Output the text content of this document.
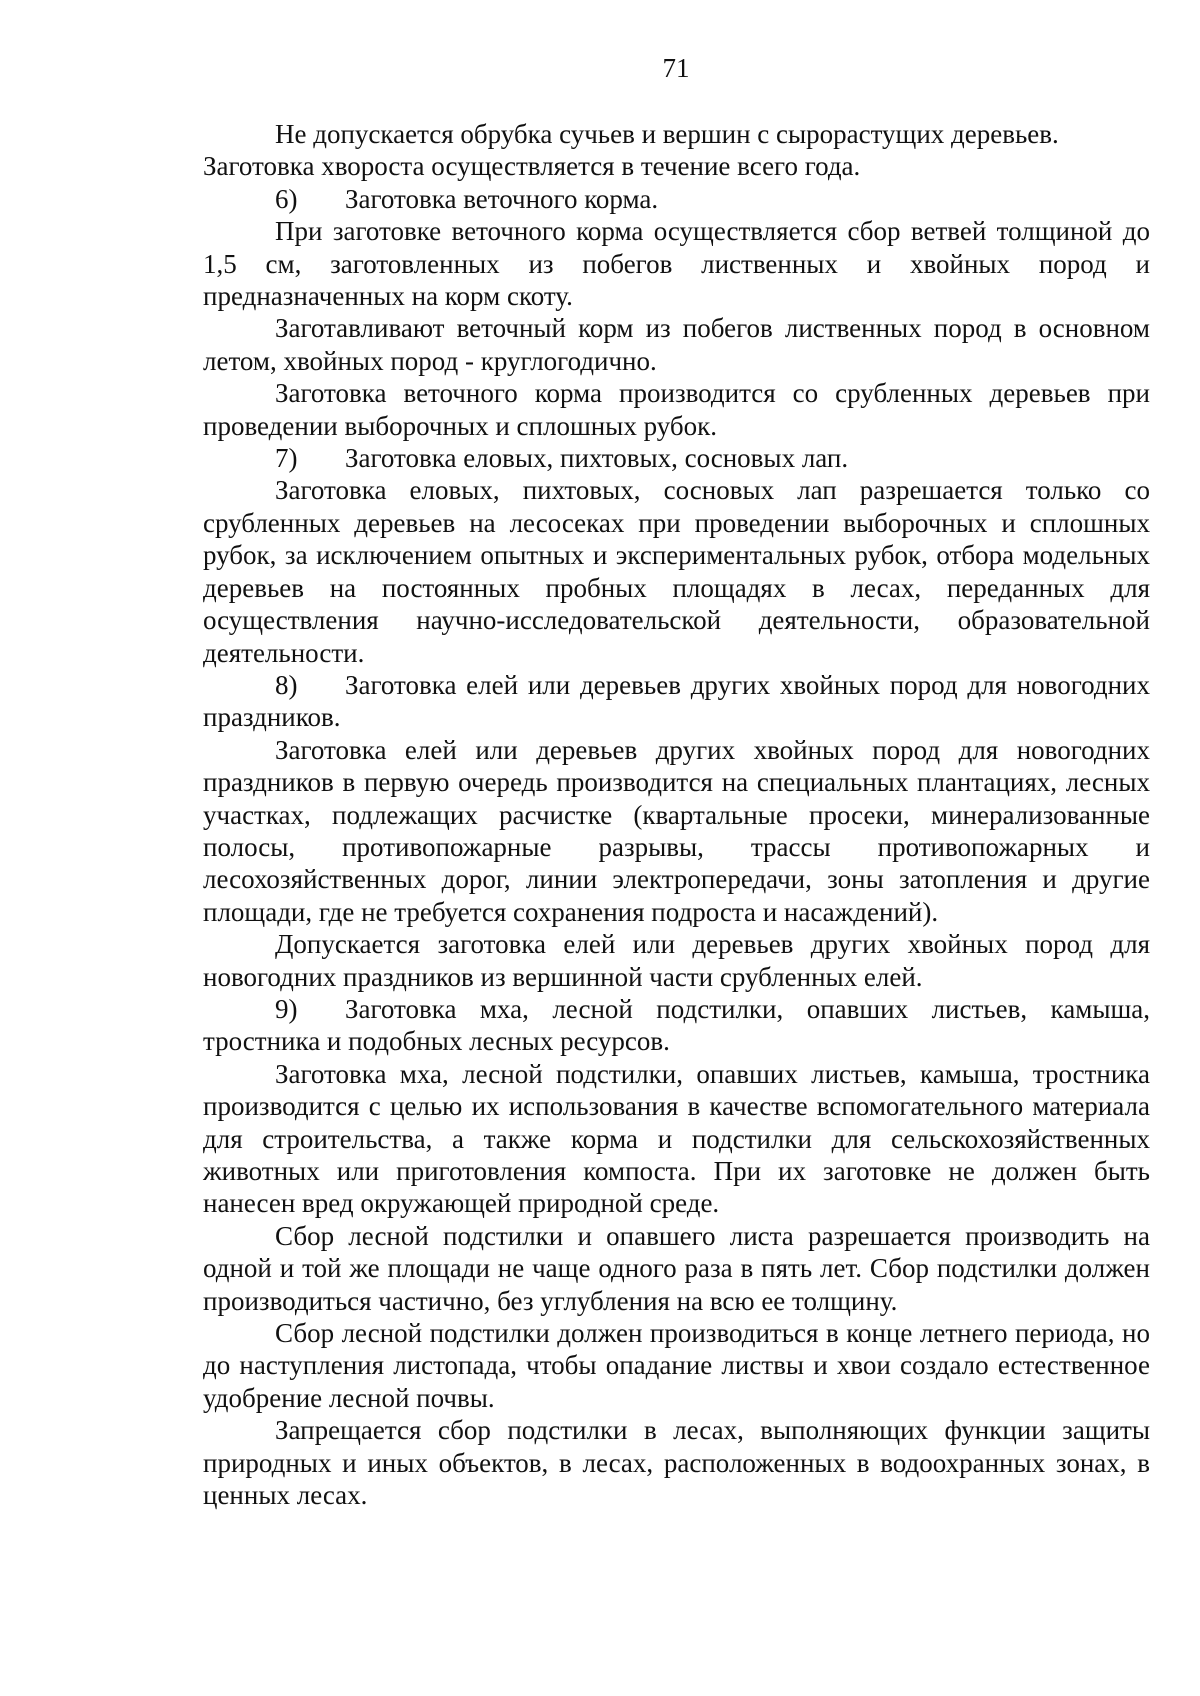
71

Не допускается обрубка сучьев и вершин с сырорастущих деревьев.

Заготовка хвороста осуществляется в течение всего года.

6) Заготовка веточного корма.

При заготовке веточного корма осуществляется сбор ветвей толщиной до 1,5 см, заготовленных из побегов лиственных и хвойных пород и предназначенных на корм скоту.

Заготавливают веточный корм из побегов лиственных пород в основном летом, хвойных пород - круглогодично.

Заготовка веточного корма производится со срубленных деревьев при проведении выборочных и сплошных рубок.

7) Заготовка еловых, пихтовых, сосновых лап.

Заготовка еловых, пихтовых, сосновых лап разрешается только со срубленных деревьев на лесосеках при проведении выборочных и сплошных рубок, за исключением опытных и экспериментальных рубок, отбора модельных деревьев на постоянных пробных площадях в лесах, переданных для осуществления научно-исследовательской деятельности, образовательной деятельности.

8) Заготовка елей или деревьев других хвойных пород для новогодних праздников.

Заготовка елей или деревьев других хвойных пород для новогодних праздников в первую очередь производится на специальных плантациях, лесных участках, подлежащих расчистке (квартальные просеки, минерализованные полосы, противопожарные разрывы, трассы противопожарных и лесохозяйственных дорог, линии электропередачи, зоны затопления и другие площади, где не требуется сохранения подроста и насаждений).

Допускается заготовка елей или деревьев других хвойных пород для новогодних праздников из вершинной части срубленных елей.

9) Заготовка мха, лесной подстилки, опавших листьев, камыша, тростника и подобных лесных ресурсов.

Заготовка мха, лесной подстилки, опавших листьев, камыша, тростника производится с целью их использования в качестве вспомогательного материала для строительства, а также корма и подстилки для сельскохозяйственных животных или приготовления компоста. При их заготовке не должен быть нанесен вред окружающей природной среде.

Сбор лесной подстилки и опавшего листа разрешается производить на одной и той же площади не чаще одного раза в пять лет. Сбор подстилки должен производиться частично, без углубления на всю ее толщину.

Сбор лесной подстилки должен производиться в конце летнего периода, но до наступления листопада, чтобы опадание листвы и хвои создало естественное удобрение лесной почвы.

Запрещается сбор подстилки в лесах, выполняющих функции защиты природных и иных объектов, в лесах, расположенных в водоохранных зонах, в ценных лесах.
